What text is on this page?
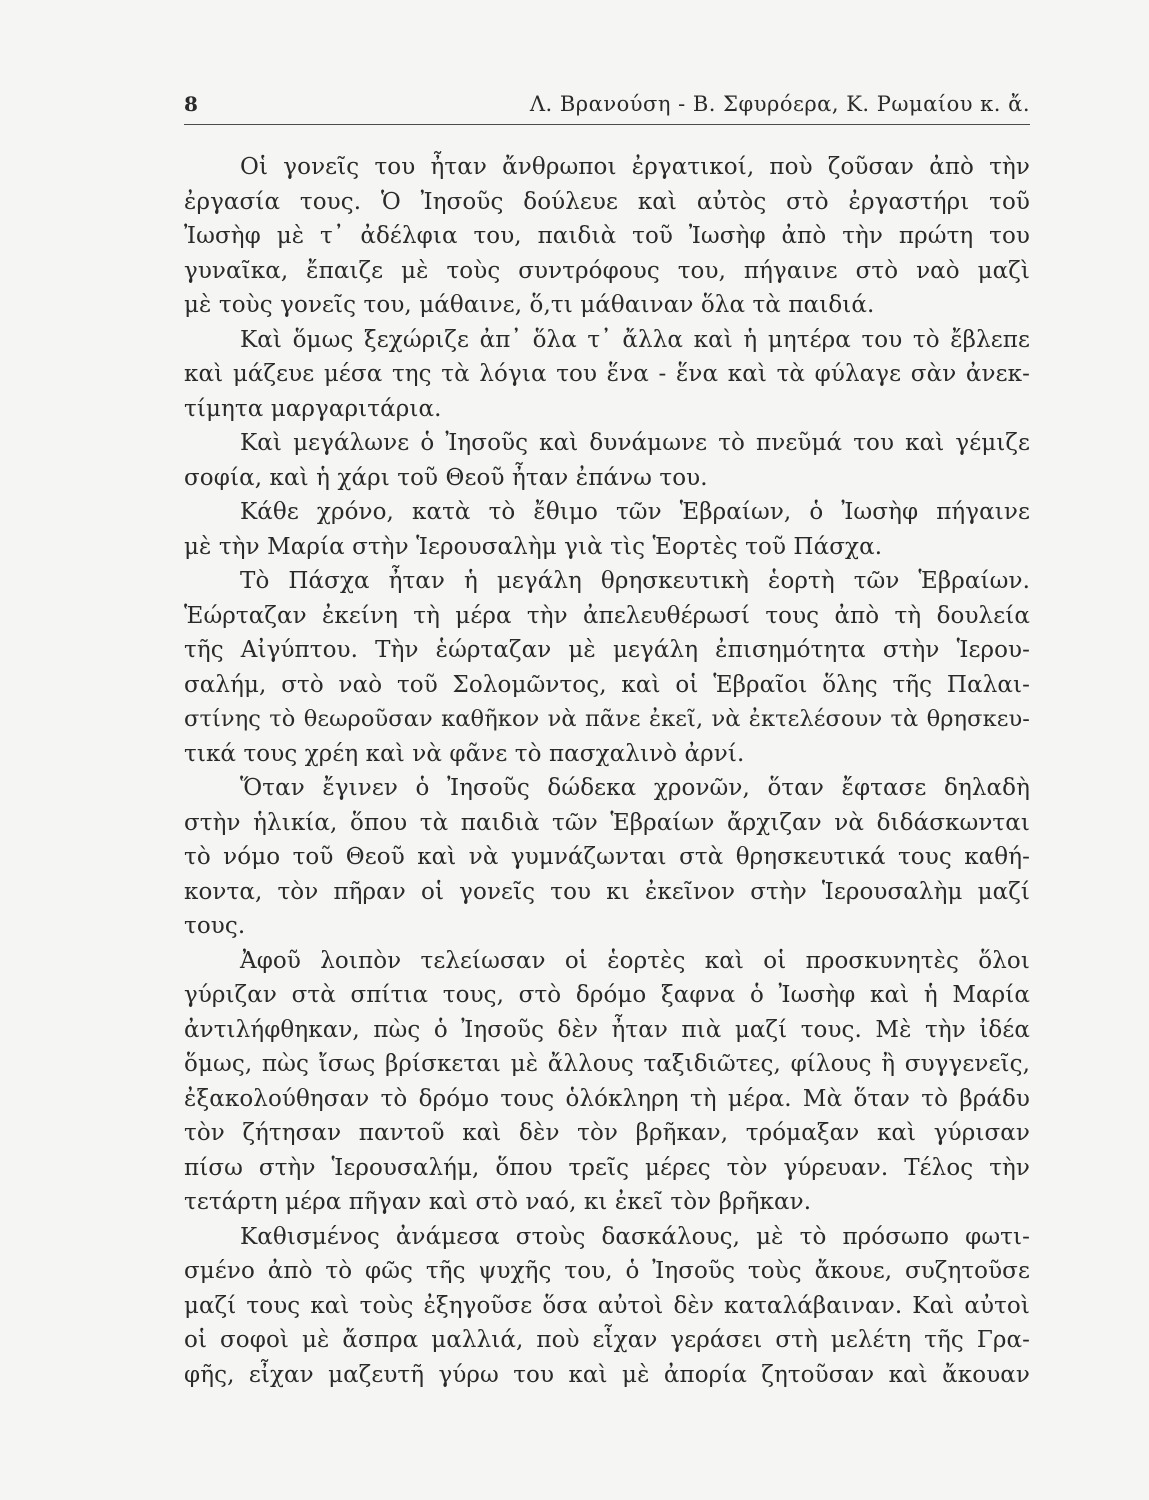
8	Λ. Βρανούση - Β. Σφυρόερα, Κ. Ρωμαίου κ. ἄ.
Οἱ γονεῖς του ἦταν ἄνθρωποι ἐργατικοί, ποὺ ζοῦσαν ἀπὸ τὴν
ἐργασία τους. Ὁ Ἰησοῦς δούλευε καὶ αὐτὸς στὸ ἐργαστήρι τοῦ
Ἰωσὴφ μὲ τ᾽ ἀδέλφια του, παιδιὰ τοῦ Ἰωσὴφ ἀπὸ τὴν πρώτη του
γυναῖκα, ἔπαιζε μὲ τοὺς συντρόφους του, πήγαινε στὸ ναὸ μαζὶ
μὲ τοὺς γονεῖς του, μάθαινε, ὅ,τι μάθαιναν ὅλα τὰ παιδιά.
Καὶ ὅμως ξεχώριζε ἀπ᾽ ὅλα τ᾽ ἄλλα καὶ ἡ μητέρα του τὸ ἔβλεπε
καὶ μάζευε μέσα της τὰ λόγια του ἕνα - ἕνα καὶ τὰ φύλαγε σὰν ἀνεκ-
τίμητα μαργαριτάρια.
Καὶ μεγάλωνε ὁ Ἰησοῦς καὶ δυνάμωνε τὸ πνεῦμά του καὶ γέμιζε
σοφία, καὶ ἡ χάρι τοῦ Θεοῦ ἦταν ἐπάνω του.
Κάθε χρόνο, κατὰ τὸ ἔθιμο τῶν Ἑβραίων, ὁ Ἰωσὴφ πήγαινε
μὲ τὴν Μαρία στὴν Ἱερουσαλὴμ γιὰ τὶς Ἑορτὲς τοῦ Πάσχα.
Τὸ Πάσχα ἦταν ἡ μεγάλη θρησκευτικὴ ἑορτὴ τῶν Ἑβραίων.
Ἑώρταζαν ἐκείνη τὴ μέρα τὴν ἀπελευθέρωσί τους ἀπὸ τὴ δουλεία
τῆς Αἰγύπτου. Τὴν ἑώρταζαν μὲ μεγάλη ἐπισημότητα στὴν Ἱερου-
σαλήμ, στὸ ναὸ τοῦ Σολομῶντος, καὶ οἱ Ἑβραῖοι ὅλης τῆς Παλαι-
στίνης τὸ θεωροῦσαν καθῆκον νὰ πᾶνε ἐκεῖ, νὰ ἐκτελέσουν τὰ θρησκευ-
τικά τους χρέη καὶ νὰ φᾶνε τὸ πασχαλινὸ ἀρνί.
Ὅταν ἔγινεν ὁ Ἰησοῦς δώδεκα χρονῶν, ὅταν ἔφτασε δηλαδὴ
στὴν ἡλικία, ὅπου τὰ παιδιὰ τῶν Ἑβραίων ἄρχιζαν νὰ διδάσκωνται
τὸ νόμο τοῦ Θεοῦ καὶ νὰ γυμνάζωνται στὰ θρησκευτικά τους καθή-
κοντα, τὸν πῆραν οἱ γονεῖς του κι ἐκεῖνον στὴν Ἱερουσαλὴμ μαζί
τους.
Ἀφοῦ λοιπὸν τελείωσαν οἱ ἑορτὲς καὶ οἱ προσκυνητὲς ὅλοι
γύριζαν στὰ σπίτια τους, στὸ δρόμο ξαφνα ὁ Ἰωσὴφ καὶ ἡ Μαρία
ἀντιλήφθηκαν, πὼς ὁ Ἰησοῦς δὲν ἦταν πιὰ μαζί τους. Μὲ τὴν ἰδέα
ὅμως, πὼς ἴσως βρίσκεται μὲ ἄλλους ταξιδιῶτες, φίλους ἢ συγγενεῖς,
ἐξακολούθησαν τὸ δρόμο τους ὁλόκληρη τὴ μέρα. Μὰ ὅταν τὸ βράδυ
τὸν ζήτησαν παντοῦ καὶ δὲν τὸν βρῆκαν, τρόμαξαν καὶ γύρισαν
πίσω στὴν Ἱερουσαλήμ, ὅπου τρεῖς μέρες τὸν γύρευαν. Τέλος τὴν
τετάρτη μέρα πῆγαν καὶ στὸ ναό, κι ἐκεῖ τὸν βρῆκαν.
Καθισμένος ἀνάμεσα στοὺς δασκάλους, μὲ τὸ πρόσωπο φωτι-
σμένο ἀπὸ τὸ φῶς τῆς ψυχῆς του, ὁ Ἰησοῦς τοὺς ἄκουε, συζητοῦσε
μαζί τους καὶ τοὺς ἐξηγοῦσε ὅσα αὐτοὶ δὲν καταλάβαιναν. Καὶ αὐτοὶ
οἱ σοφοὶ μὲ ἄσπρα μαλλιά, ποὺ εἶχαν γεράσει στὴ μελέτη τῆς Γρα-
φῆς, εἶχαν μαζευτῆ γύρω του καὶ μὲ ἀπορία ζητοῦσαν καὶ ἄκουαν
